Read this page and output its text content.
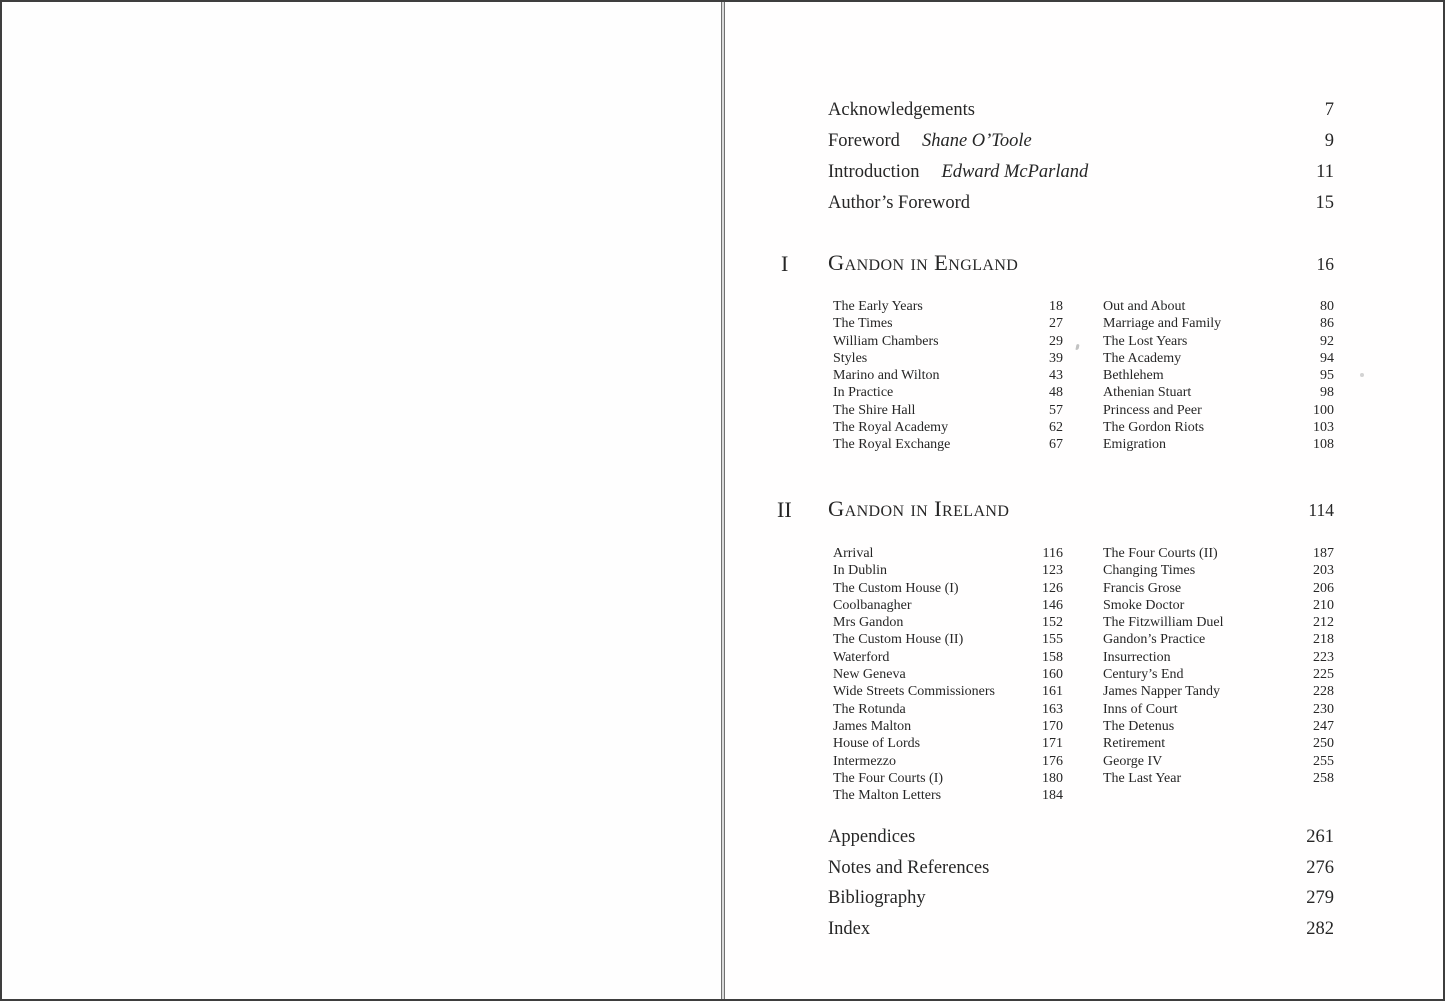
Acknowledgements	7
Foreword Shane O’Toole	9
Introduction Edward McParland	11
Author’s Foreword	15
I Gandon in England	16
The Early Years	18
The Times	27
William Chambers	29
Styles	39
Marino and Wilton	43
In Practice	48
The Shire Hall	57
The Royal Academy	62
The Royal Exchange	67
Out and About	80
Marriage and Family	86
The Lost Years	92
The Academy	94
Bethlehem	95
Athenian Stuart	98
Princess and Peer	100
The Gordon Riots	103
Emigration	108
II Gandon in Ireland	114
Arrival	116
In Dublin	123
The Custom House (I)	126
Coolbanagher	146
Mrs Gandon	152
The Custom House (II)	155
Waterford	158
New Geneva	160
Wide Streets Commissioners	161
The Rotunda	163
James Malton	170
House of Lords	171
Intermezzo	176
The Four Courts (I)	180
The Malton Letters	184
The Four Courts (II)	187
Changing Times	203
Francis Grose	206
Smoke Doctor	210
The Fitzwilliam Duel	212
Gandon’s Practice	218
Insurrection	223
Century’s End	225
James Napper Tandy	228
Inns of Court	230
The Detenus	247
Retirement	250
George IV	255
The Last Year	258
Appendices	261
Notes and References	276
Bibliography	279
Index	282
